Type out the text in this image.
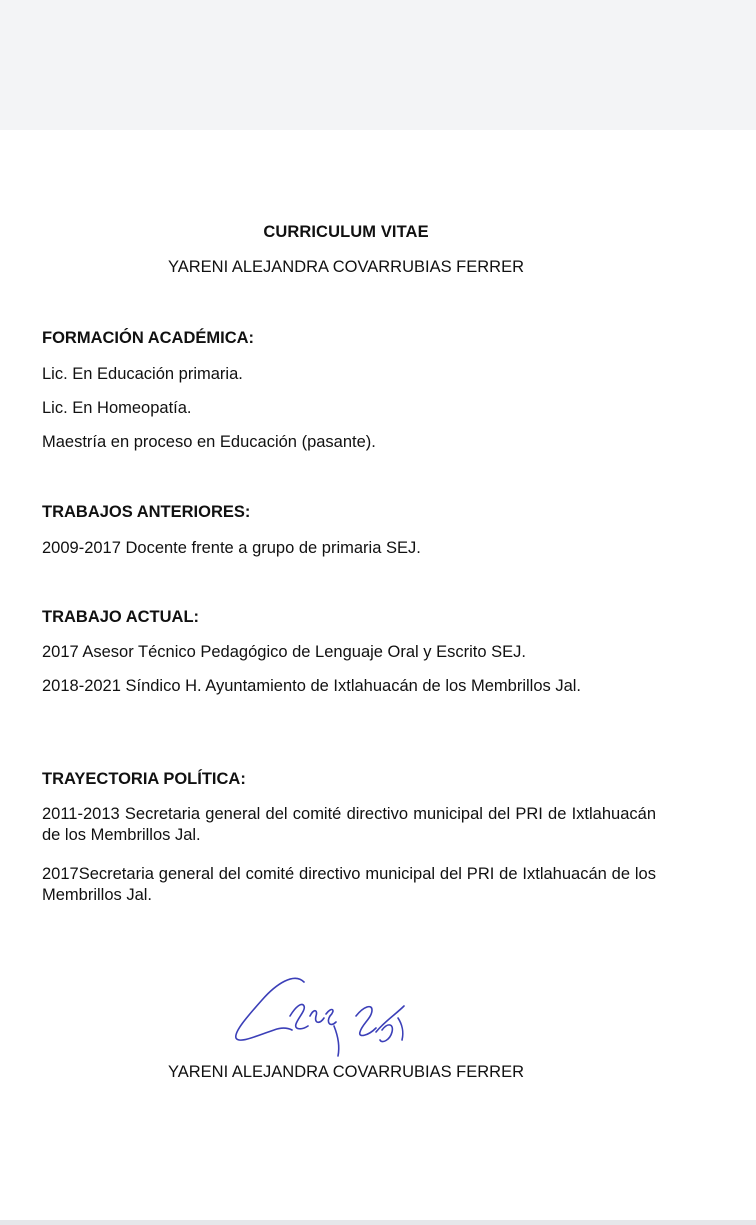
CURRICULUM VITAE
YARENI ALEJANDRA COVARRUBIAS FERRER
FORMACIÓN ACADÉMICA:
Lic. En Educación primaria.
Lic. En Homeopatía.
Maestría en proceso en Educación (pasante).
TRABAJOS ANTERIORES:
2009-2017 Docente frente a grupo de primaria SEJ.
TRABAJO ACTUAL:
2017 Asesor Técnico Pedagógico de Lenguaje Oral y Escrito SEJ.
2018-2021 Síndico H. Ayuntamiento de Ixtlahuacán de los Membrillos Jal.
TRAYECTORIA POLÍTICA:
2011-2013 Secretaria general del comité directivo municipal del PRI de Ixtlahuacán de los Membrillos Jal.
2017Secretaria general del comité directivo municipal del PRI de Ixtlahuacán de los Membrillos Jal.
YARENI ALEJANDRA COVARRUBIAS FERRER
